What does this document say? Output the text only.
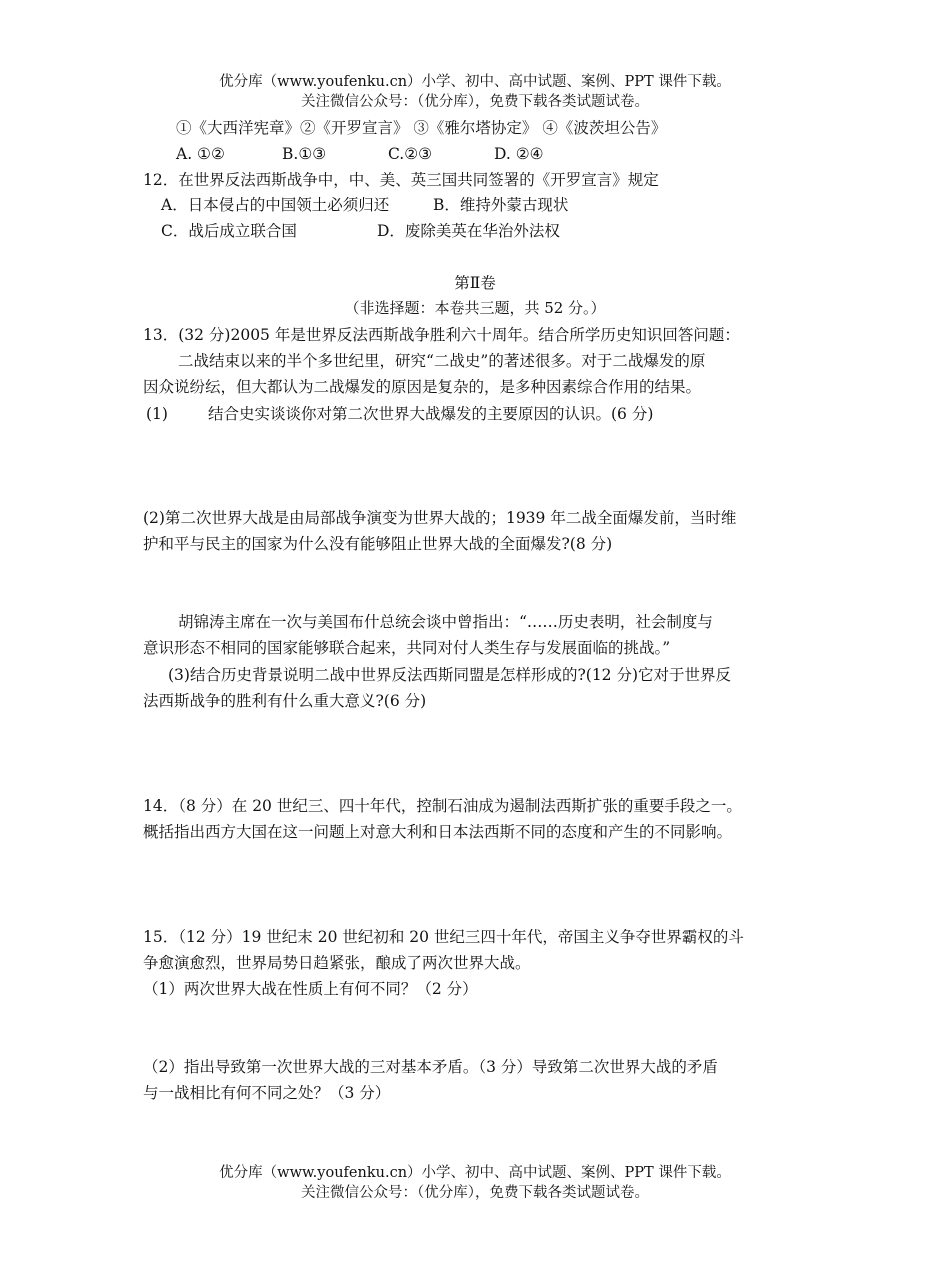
优分库（www.youfenku.cn）小学、初中、高中试题、案例、PPT 课件下载。
关注微信公众号：（优分库），免费下载各类试题试卷。
①《大西洋宪章》②《开罗宣言》 ③《雅尔塔协定》 ④《波茨坦公告》
A. ①②	B.①③	C.②③	D. ②④
12．在世界反法西斯战争中，中、美、英三国共同签署的《开罗宣言》规定
A．日本侵占的中国领土必须归还	B．维持外蒙古现状
C．战后成立联合国	D．废除美英在华治外法权
第Ⅱ卷
（非选择题：本卷共三题，共 52 分。）
13．(32 分)2005 年是世界反法西斯战争胜利六十周年。结合所学历史知识回答问题：
二战结束以来的半个多世纪里，研究“二战史”的著述很多。对于二战爆发的原
因众说纷纭，但大都认为二战爆发的原因是复杂的，是多种因素综合作用的结果。
(1)	结合史实谈谈你对第二次世界大战爆发的主要原因的认识。(6 分)
(2)第二次世界大战是由局部战争演变为世界大战的；1939 年二战全面爆发前，当时维
护和平与民主的国家为什么没有能够阻止世界大战的全面爆发?(8 分)
胡锦涛主席在一次与美国布什总统会谈中曾指出：“……历史表明，社会制度与
意识形态不相同的国家能够联合起来，共同对付人类生存与发展面临的挑战。”
(3)结合历史背景说明二战中世界反法西斯同盟是怎样形成的?(12 分)它对于世界反
法西斯战争的胜利有什么重大意义?(6 分)
14．（8 分）在 20 世纪三、四十年代，控制石油成为遏制法西斯扩张的重要手段之一。
概括指出西方大国在这一问题上对意大利和日本法西斯不同的态度和产生的不同影响。
15．（12 分）19 世纪末 20 世纪初和 20 世纪三四十年代，帝国主义争夺世界霸权的斗
争愈演愈烈，世界局势日趋紧张，酿成了两次世界大战。
（1）两次世界大战在性质上有何不同？（2 分）
（2）指出导致第一次世界大战的三对基本矛盾。（3 分）导致第二次世界大战的矛盾
与一战相比有何不同之处？（3 分）
优分库（www.youfenku.cn）小学、初中、高中试题、案例、PPT 课件下载。
关注微信公众号：（优分库），免费下载各类试题试卷。
